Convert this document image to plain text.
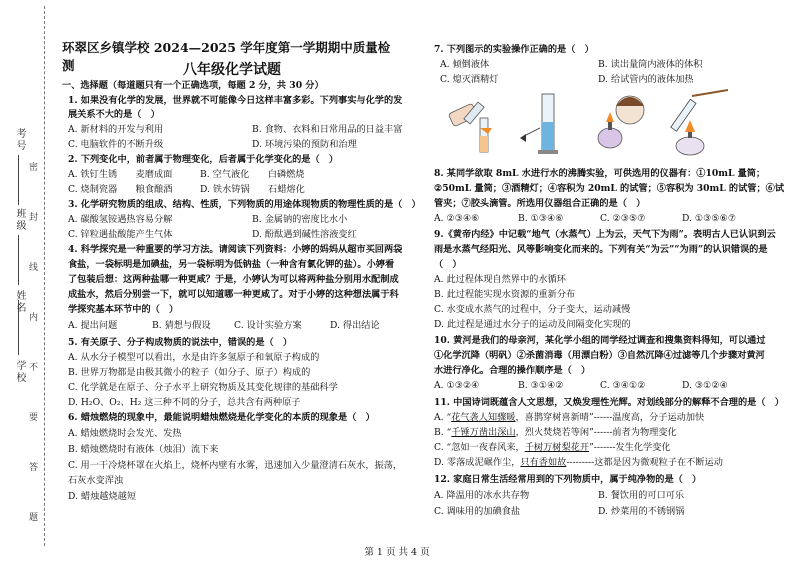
学校
姓名
班级
考号
密
封
线
内
不
要
答
题
环翠区乡镇学校 2024—2025 学年度第一学期期中质量检测	八年级化学试题
一、选择题（每道题只有一个正确选项，每题 2 分，共 30 分）
1. 如果没有化学的发展，世界就不可能像今日这样丰富多彩。下列事实与化学的发
展关系不大的是（　）
A. 新材料的开发与利用	B. 食物、衣料和日常用品的日益丰富
C. 电脑软件的不断升级	D. 环境污染的预防和治理
2. 下列变化中，前者属于物理变化，后者属于化学变化的是（　）
A. 铁钉生锈　　麦磨成面	B. 空气液化　　白磷燃烧
C. 烧制瓷器　　粮食酿酒	D. 铁水铸锅　　石蜡熔化
3. 化学研究物质的组成、结构、性质，下列物质的用途体现物质的物理性质的是（　）
A. 碳酸氢铵遇热容易分解	B. 金属钠的密度比水小
C. 锌粒遇盐酸能产生气体	D. 酚酞遇到碱性溶液变红
4. 科学探究是一种重要的学习方法。请阅读下列资料：小婷的妈妈从超市买回两袋
食盐，一袋标明是加碘盐，另一袋标明为低钠盐（一种含有氯化钾的盐）。小婷看
了包装后想：这两种盐哪一种更咸？于是，小婷认为可以将两种盐分别用水配制成
成盐水，然后分别尝一下，就可以知道哪一种更咸了。对于小婷的这种想法属于科
学探究基本环节中的（　）
A. 提出问题	B. 猜想与假设	C. 设计实验方案	D. 得出结论
5. 有关原子、分子构成物质的说法中，错误的是（　）
A. 从水分子模型可以看出，水是由许多氢原子和氧原子构成的
B. 世界万物都是由极其微小的粒子（如分子、原子）构成的
C. 化学就是在原子、分子水平上研究物质及其变化规律的基础科学
D. H₂O、O₂、H₂ 这三种不同的分子，总共含有两种原子
6. 蜡烛燃烧的现象中，最能说明蜡烛燃烧是化学变化的本质的现象是（　）
A. 蜡烛燃烧时会发光、发热
B. 蜡烛燃烧时有液体（烛泪）流下来
C. 用一干冷烧杯罩在火焰上，烧杯内壁有水雾，迅速加入少量澄清石灰水，振荡，
石灰水变浑浊
D. 蜡烛越烧越短
7. 下列图示的实验操作正确的是（　）
A. 倾倒液体	B. 读出量筒内液体的体积
C. 熄灭酒精灯	D. 给试管内的液体加热
8. 某同学欲取 8mL 水进行水的沸腾实验，可供选用的仪器有：①10mL 量筒；
②50mL 量筒；③酒精灯；④容积为 20mL 的试管；⑤容积为 30mL 的试管；⑥试
管夹；⑦胶头滴管。所选用仪器组合正确的是（　）
A. ②③④⑥	B. ①③④⑥	C. ②③⑤⑦	D. ①③⑤⑥⑦
9.《黄帝内经》中记载“地气（水蒸气）上为云，天气下为雨”。表明古人已认识到云
雨是水蒸气经阳光、风等影响变化而来的。下列有关“为云”“为雨”的认识错误的是
（　）
A. 此过程体现自然界中的水循环
B. 此过程能实现水资源的重新分布
C. 水变成水蒸气的过程中，分子变大，运动减慢
D. 此过程是通过水分子的运动及间隔变化实现的
10. 黄河是我们的母亲河，某化学小组的同学经过调查和搜集资料得知，可以通过
①化学沉降（明矾）②杀菌消毒（用漂白粉）③自然沉降④过滤等几个步骤对黄河
水进行净化。合理的操作顺序是（　）
A. ①③②④	B. ③①④②	C. ③④①②	D. ③①②④
11. 中国诗词既蕴含人文思想，又焕发理性光辉。对划线部分的解释不合理的是（　）
A. “花气袭人知骤暖，喜鹊穿树喜新晴”------温度高，分子运动加快
B. “千锤万凿出深山，烈火焚烧若等闲”------前者为物理变化
C. “忽如一夜春风来，千树万树梨花开”-------发生化学变化
D. 零落成泥碾作尘，只有香如故---------这都是因为微观粒子在不断运动
12. 家庭日常生活经常用到的下列物质中，属于纯净物的是（　）
A. 降温用的冰水共存物	B. 餐饮用的可口可乐
C. 调味用的加碘食盐	D. 炒菜用的不锈钢锅
第 1 页 共 4 页
